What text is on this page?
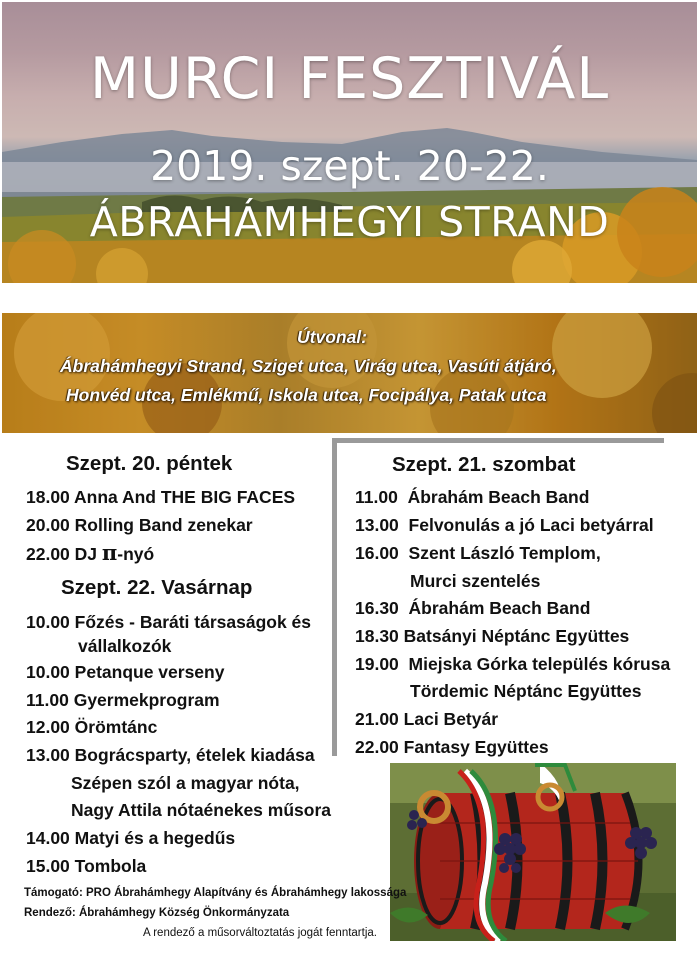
MURCI FESZTIVÁL
2019. szept. 20-22.
ÁBRAHÁMHEGYI STRAND
Útvonal:
Ábrahámhegyi Strand, Sziget utca, Virág utca, Vasúti átjáró,
Honvéd utca, Emlékmű, Iskola utca, Focipálya, Patak utca
Szept. 20. péntek
18.00 Anna And THE BIG FACES
20.00 Rolling Band zenekar
22.00 DJ π-nyó
Szept. 22. Vasárnap
10.00 Főzés - Baráti társaságok és
vállalkozók
10.00 Petanque verseny
11.00 Gyermekprogram
12.00 Örömtánc
13.00 Bográcsparty, ételek kiadása
Szépen szól a magyar nóta,
Nagy Attila nótaénekes műsora
14.00 Matyi és a hegedűs
15.00 Tombola
Szept. 21. szombat
11.00 Ábrahám Beach Band
13.00 Felvonulás a jó Laci betyárral
16.00 Szent László Templom,
Murci szentelés
16.30 Ábrahám Beach Band
18.30 Batsányi Néptánc Együttes
19.00 Miejska Górka település kórusa
Tördemic Néptánc Együttes
21.00 Laci Betyár
22.00 Fantasy Együttes
Támogató: PRO Ábrahámhegy Alapítvány és Ábrahámhegy lakossága
Rendező: Ábrahámhegy Község Önkormányzata
A rendező a műsorváltoztatás jogát fenntartja.
